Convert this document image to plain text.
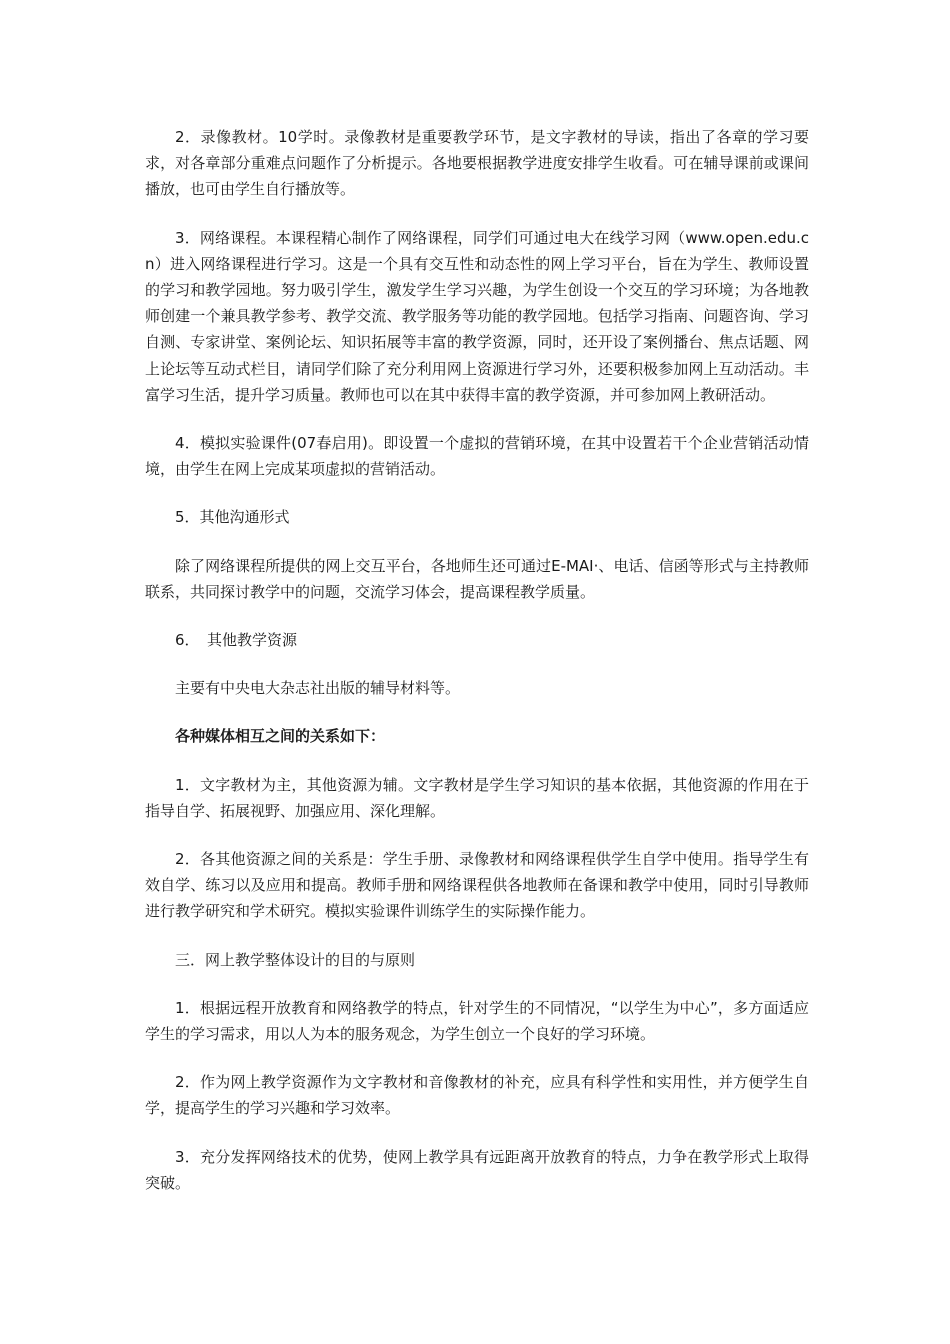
2．录像教材。10学时。录像教材是重要教学环节，是文字教材的导读，指出了各章的学习要求，对各章部分重难点问题作了分析提示。各地要根据教学进度安排学生收看。可在辅导课前或课间播放，也可由学生自行播放等。

3．网络课程。本课程精心制作了网络课程，同学们可通过电大在线学习网（www.open.edu.cn）进入网络课程进行学习。这是一个具有交互性和动态性的网上学习平台，旨在为学生、教师设置的学习和教学园地。努力吸引学生，激发学生学习兴趣，为学生创设一个交互的学习环境；为各地教师创建一个兼具教学参考、教学交流、教学服务等功能的教学园地。包括学习指南、问题咨询、学习自测、专家讲堂、案例论坛、知识拓展等丰富的教学资源，同时，还开设了案例播台、焦点话题、网上论坛等互动式栏目，请同学们除了充分利用网上资源进行学习外，还要积极参加网上互动活动。丰富学习生活，提升学习质量。教师也可以在其中获得丰富的教学资源，并可参加网上教研活动。

4．模拟实验课件(07春启用)。即设置一个虚拟的营销环境，在其中设置若干个企业营销活动情境，由学生在网上完成某项虚拟的营销活动。

5．其他沟通形式

除了网络课程所提供的网上交互平台，各地师生还可通过E-MAI·、电话、信函等形式与主持教师联系，共同探讨教学中的问题，交流学习体会，提高课程教学质量。

6．　其他教学资源

主要有中央电大杂志社出版的辅导材料等。

各种媒体相互之间的关系如下：

1．文字教材为主，其他资源为辅。文字教材是学生学习知识的基本依据，其他资源的作用在于指导自学、拓展视野、加强应用、深化理解。

2．各其他资源之间的关系是：学生手册、录像教材和网络课程供学生自学中使用。指导学生有效自学、练习以及应用和提高。教师手册和网络课程供各地教师在备课和教学中使用，同时引导教师进行教学研究和学术研究。模拟实验课件训练学生的实际操作能力。

三．网上教学整体设计的目的与原则

1．根据远程开放教育和网络教学的特点，针对学生的不同情况，“以学生为中心”，多方面适应学生的学习需求，用以人为本的服务观念，为学生创立一个良好的学习环境。

2．作为网上教学资源作为文字教材和音像教材的补充，应具有科学性和实用性，并方便学生自学，提高学生的学习兴趣和学习效率。

3．充分发挥网络技术的优势，使网上教学具有远距离开放教育的特点，力争在教学形式上取得突破。
